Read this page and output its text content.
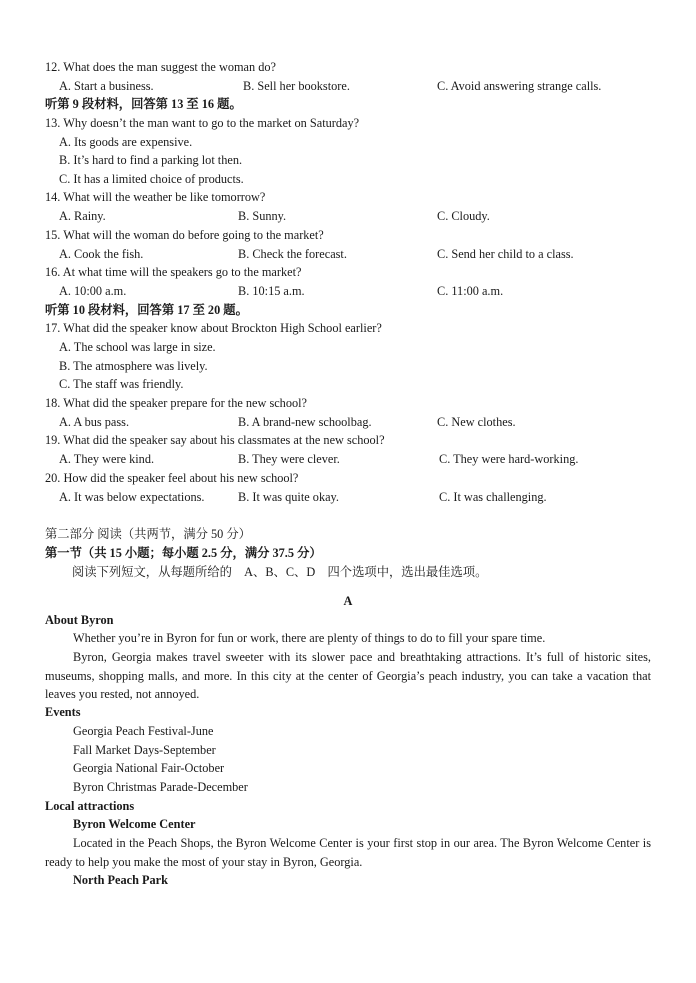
12. What does the man suggest the woman do?
A. Start a business.	B. Sell her bookstore.	C. Avoid answering strange calls.
听第 9 段材料，回答第 13 至 16 题。
13. Why doesn’t the man want to go to the market on Saturday?
A. Its goods are expensive.
B. It’s hard to find a parking lot then.
C. It has a limited choice of products.
14. What will the weather be like tomorrow?
A. Rainy.	B. Sunny.	C. Cloudy.
15. What will the woman do before going to the market?
A. Cook the fish.	B. Check the forecast.	C. Send her child to a class.
16. At what time will the speakers go to the market?
A. 10:00 a.m.	B. 10:15 a.m.	C. 11:00 a.m.
听第 10 段材料，回答第 17 至 20 题。
17. What did the speaker know about Brockton High School earlier?
A. The school was large in size.
B. The atmosphere was lively.
C. The staff was friendly.
18. What did the speaker prepare for the new school?
A. A bus pass.	B. A brand-new schoolbag.	C. New clothes.
19. What did the speaker say about his classmates at the new school?
A. They were kind.	B. They were clever.	C. They were hard-working.
20. How did the speaker feel about his new school?
A. It was below expectations.	B. It was quite okay.	C. It was challenging.
第二部分 阅读（共两节，满分 50 分）
第一节（共 15 小题；每小题 2.5 分，满分 37.5 分）
阅读下列短文，从每题所给的　A、B、C、D　四个选项中，选出最佳选项。
A
About Byron
Whether you’re in Byron for fun or work, there are plenty of things to do to fill your spare time.
Byron, Georgia makes travel sweeter with its slower pace and breathtaking attractions. It’s full of historic sites, museums, shopping malls, and more. In this city at the center of Georgia’s peach industry, you can take a vacation that leaves you rested, not annoyed.
Events
Georgia Peach Festival-June
Fall Market Days-September
Georgia National Fair-October
Byron Christmas Parade-December
Local attractions
Byron Welcome Center
Located in the Peach Shops, the Byron Welcome Center is your first stop in our area. The Byron Welcome Center is ready to help you make the most of your stay in Byron, Georgia.
North Peach Park
